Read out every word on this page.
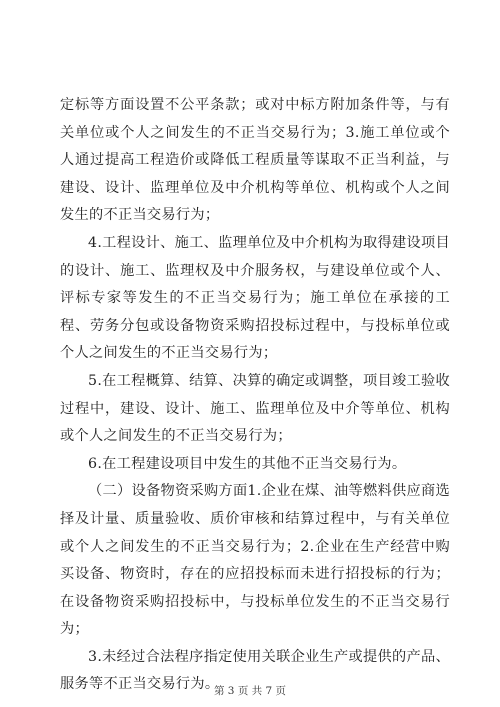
定标等方面设置不公平条款；或对中标方附加条件等，与有关单位或个人之间发生的不正当交易行为；3.施工单位或个人通过提高工程造价或降低工程质量等谋取不正当利益，与建设、设计、监理单位及中介机构等单位、机构或个人之间发生的不正当交易行为；

4.工程设计、施工、监理单位及中介机构为取得建设项目的设计、施工、监理权及中介服务权，与建设单位或个人、评标专家等发生的不正当交易行为；施工单位在承接的工程、劳务分包或设备物资采购招投标过程中，与投标单位或个人之间发生的不正当交易行为；

5.在工程概算、结算、决算的确定或调整，项目竣工验收过程中，建设、设计、施工、监理单位及中介等单位、机构或个人之间发生的不正当交易行为；

6.在工程建设项目中发生的其他不正当交易行为。

（二）设备物资采购方面1.企业在煤、油等燃料供应商选择及计量、质量验收、质价审核和结算过程中，与有关单位或个人之间发生的不正当交易行为；2.企业在生产经营中购买设备、物资时，存在的应招投标而未进行招投标的行为；在设备物资采购招投标中，与投标单位发生的不正当交易行为；

3.未经过合法程序指定使用关联企业生产或提供的产品、服务等不正当交易行为。

第 3 页 共 7 页
